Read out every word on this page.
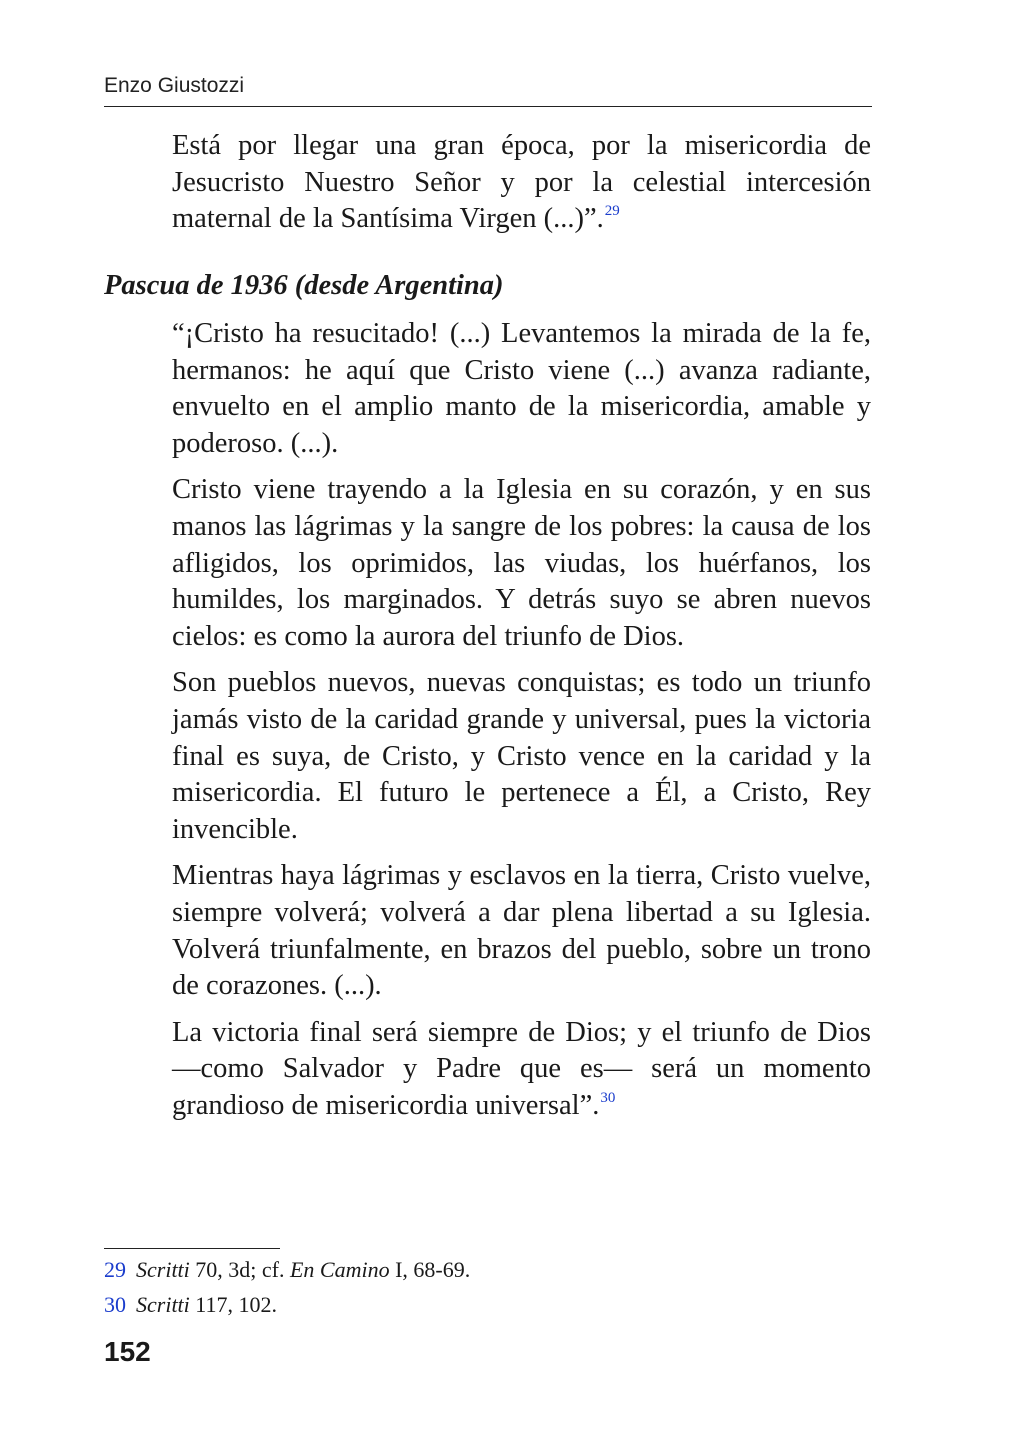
Enzo Giustozzi

Está por llegar una gran época, por la misericordia de Jesucristo Nuestro Señor y por la celestial intercesión maternal de la Santísima Virgen (...)”.$^{29}$

Pascua de 1936 (desde Argentina)

“¡Cristo ha resucitado! (...) Levantemos la mirada de la fe, hermanos: he aquí que Cristo viene (...) avanza radiante, envuelto en el amplio manto de la misericordia, amable y poderoso. (...).

Cristo viene trayendo a la Iglesia en su corazón, y en sus manos las lágrimas y la sangre de los pobres: la causa de los afligidos, los oprimidos, las viudas, los huérfanos, los humildes, los marginados. Y detrás suyo se abren nuevos cielos: es como la aurora del triunfo de Dios.

Son pueblos nuevos, nuevas conquistas; es todo un triunfo jamás visto de la caridad grande y universal, pues la victoria final es suya, de Cristo, y Cristo vence en la caridad y la misericordia. El futuro le pertenece a Él, a Cristo, Rey invencible.

Mientras haya lágrimas y esclavos en la tierra, Cristo vuelve, siempre volverá; volverá a dar plena libertad a su Iglesia. Volverá triunfalmente, en brazos del pueblo, sobre un trono de corazones. (...).

La victoria final será siempre de Dios; y el triunfo de Dios —como Salvador y Padre que es— será un momento grandioso de misericordia universal”.$^{30}$

29 Scritti 70, 3d; cf. En Camino I, 68-69.
30 Scritti 117, 102.
152
